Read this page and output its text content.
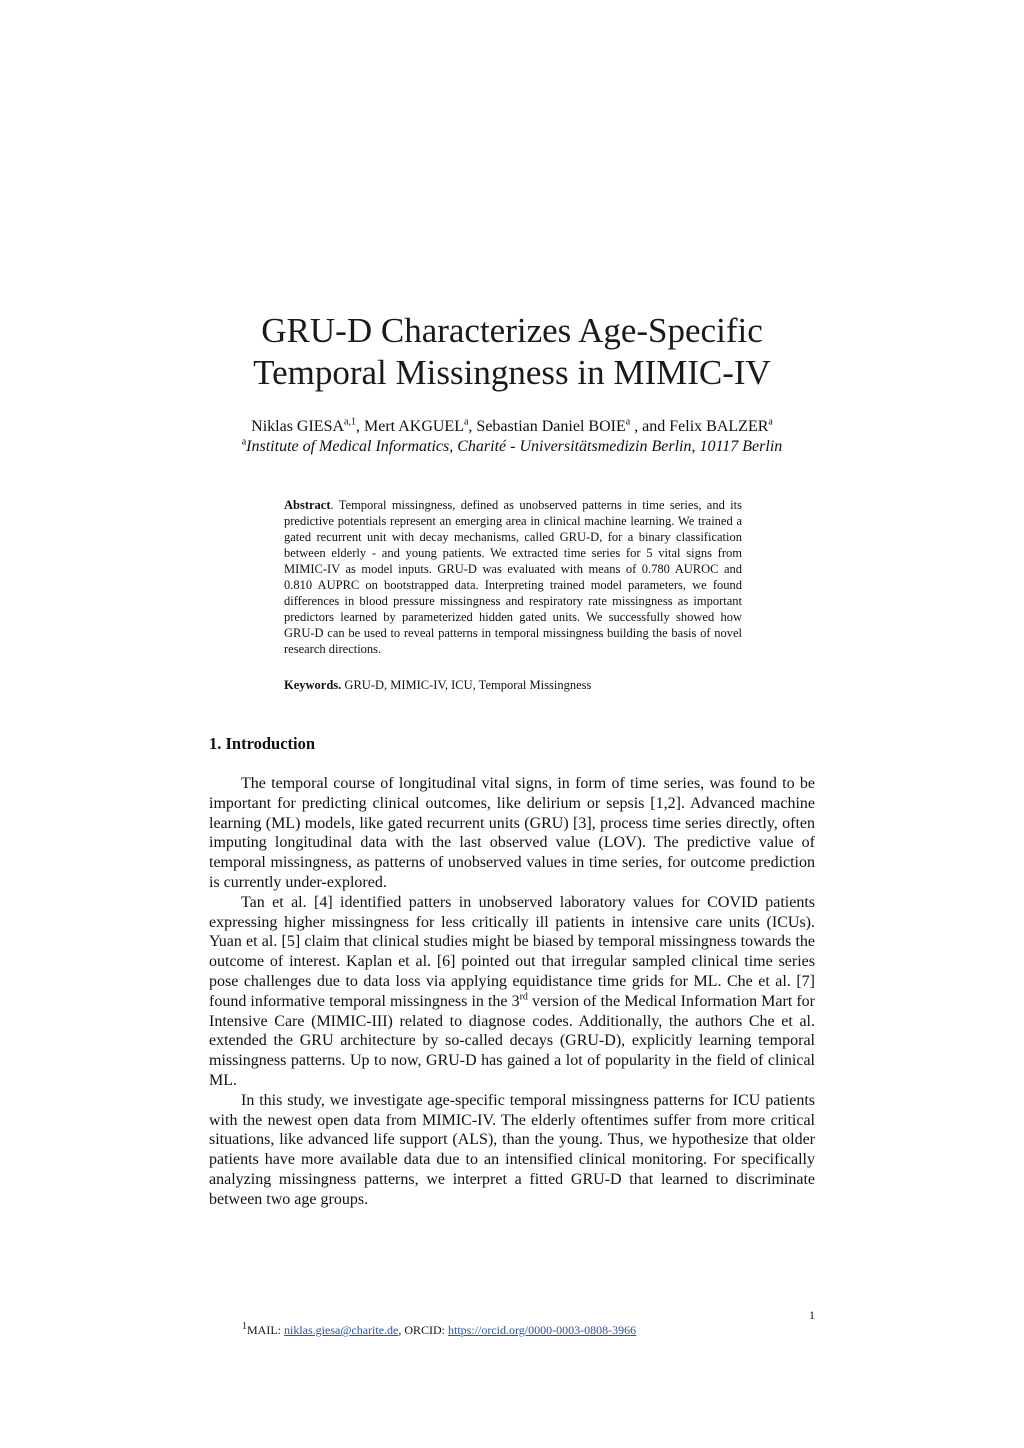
GRU-D Characterizes Age-Specific
Temporal Missingness in MIMIC-IV
Niklas GIESA$^{a,1}$, Mert AKGUEL$^a$, Sebastian Daniel BOIE$^a$ , and Felix BALZER$^a$
$^a$Institute of Medical Informatics, Charité - Universitätsmedizin Berlin, 10117 Berlin
Abstract. Temporal missingness, defined as unobserved patterns in time series, and its predictive potentials represent an emerging area in clinical machine learning. We trained a gated recurrent unit with decay mechanisms, called GRU-D, for a binary classification between elderly - and young patients. We extracted time series for 5 vital signs from MIMIC-IV as model inputs. GRU-D was evaluated with means of 0.780 AUROC and 0.810 AUPRC on bootstrapped data. Interpreting trained model parameters, we found differences in blood pressure missingness and respiratory rate missingness as important predictors learned by parameterized hidden gated units. We successfully showed how GRU-D can be used to reveal patterns in temporal missingness building the basis of novel research directions.
Keywords. GRU-D, MIMIC-IV, ICU, Temporal Missingness
1. Introduction

The temporal course of longitudinal vital signs, in form of time series, was found to be important for predicting clinical outcomes, like delirium or sepsis [1,2]. Advanced machine learning (ML) models, like gated recurrent units (GRU) [3], process time series directly, often imputing longitudinal data with the last observed value (LOV). The predictive value of temporal missingness, as patterns of unobserved values in time series, for outcome prediction is currently under-explored.

Tan et al. [4] identified patters in unobserved laboratory values for COVID patients expressing higher missingness for less critically ill patients in intensive care units (ICUs). Yuan et al. [5] claim that clinical studies might be biased by temporal missingness towards the outcome of interest. Kaplan et al. [6] pointed out that irregular sampled clinical time series pose challenges due to data loss via applying equidistance time grids for ML. Che et al. [7] found informative temporal missingness in the 3rd version of the Medical Information Mart for Intensive Care (MIMIC-III) related to diagnose codes. Additionally, the authors Che et al. extended the GRU architecture by so-called decays (GRU-D), explicitly learning temporal missingness patterns. Up to now, GRU-D has gained a lot of popularity in the field of clinical ML.

In this study, we investigate age-specific temporal missingness patterns for ICU patients with the newest open data from MIMIC-IV. The elderly oftentimes suffer from more critical situations, like advanced life support (ALS), than the young. Thus, we hypothesize that older patients have more available data due to an intensified clinical monitoring. For specifically analyzing missingness patterns, we interpret a fitted GRU-D that learned to discriminate between two age groups.

1
$^1$MAIL: niklas.giesa@charite.de, ORCID: https://orcid.org/0000-0003-0808-3966
